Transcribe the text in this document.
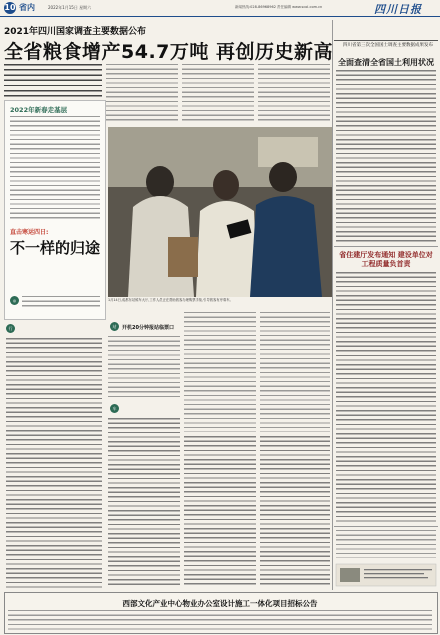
10 省内	2022年1月15日 星期六	新闻热线:028-86968962 责任编辑 www.scol.com.cn	四川日报
2021年四川国家调查主要数据公布
全省粮食增产54.7万吨 再创历史新高	四川省第三次全国国土调查主要数据成果发布
全面查清全省国土利用状况
省住建厅发布通知 建设单位对工程质量负首责
2022年新春走基层
直击寒运四日:
不一样的归途
◎	1月14日,成都东站候车大厅,工作人员正在帮助旅客办理购票手续,引导旅客有序乘车。
行	站	开机20分钟报站临票口
车
西部文化产业中心物业办公室设计施工一体化项目招标公告
